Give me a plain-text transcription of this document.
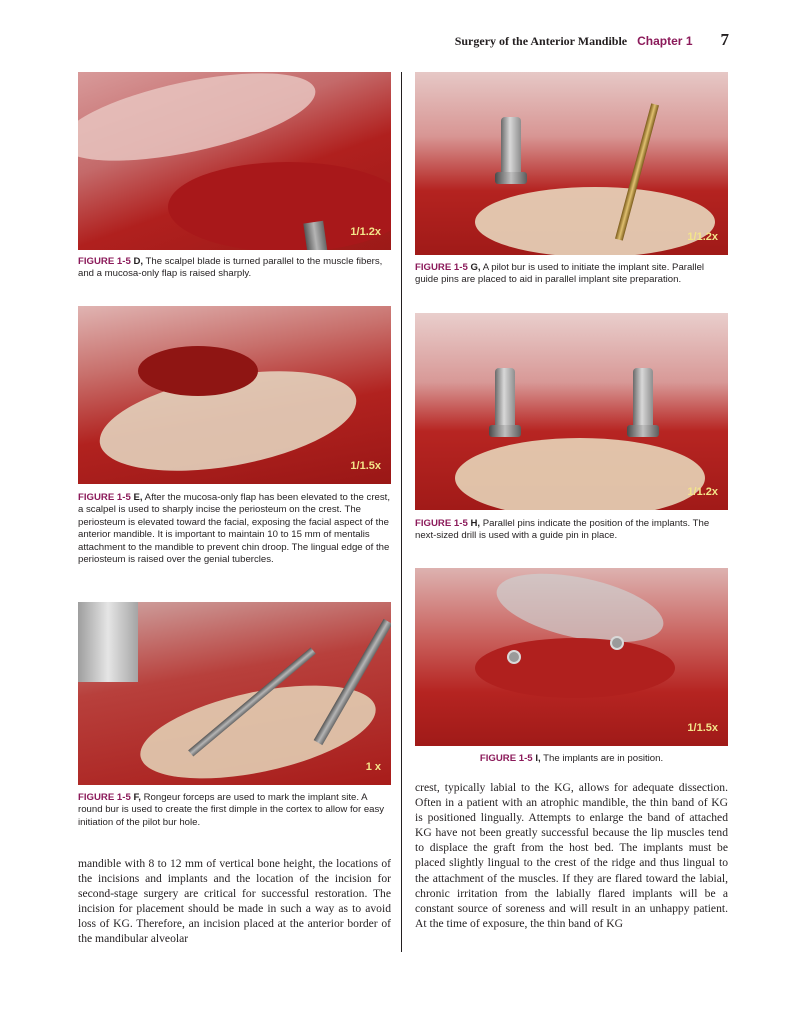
Surgery of the Anterior Mandible Chapter 1 7
1/1.2x
FIGURE 1-5 D, The scalpel blade is turned parallel to the muscle fibers, and a mucosa-only flap is raised sharply.
1/1.5x
FIGURE 1-5 E, After the mucosa-only flap has been elevated to the crest, a scalpel is used to sharply incise the periosteum on the crest. The periosteum is elevated toward the facial, exposing the facial aspect of the anterior mandible. It is important to maintain 10 to 15 mm of mentalis attachment to the mandible to prevent chin droop. The lingual edge of the periosteum is raised over the genial tubercles.
1 x
FIGURE 1-5 F, Rongeur forceps are used to mark the implant site. A round bur is used to create the first dimple in the cortex to allow for easy initiation of the pilot bur hole.
1/1.2x
FIGURE 1-5 G, A pilot bur is used to initiate the implant site. Parallel guide pins are placed to aid in parallel implant site preparation.
1/1.2x
FIGURE 1-5 H, Parallel pins indicate the position of the implants. The next-sized drill is used with a guide pin in place.
1/1.5x
FIGURE 1-5 I, The implants are in position.

mandible with 8 to 12 mm of vertical bone height, the locations of the incisions and implants and the location of the incision for second-stage surgery are critical for successful restoration. The incision for placement should be made in such a way as to avoid loss of KG. Therefore, an incision placed at the anterior border of the mandibular alveolar

crest, typically labial to the KG, allows for adequate dissection. Often in a patient with an atrophic mandible, the thin band of KG is positioned lingually. Attempts to enlarge the band of attached KG have not been greatly successful because the lip muscles tend to displace the graft from the host bed. The implants must be placed slightly lingual to the crest of the ridge and thus lingual to the attachment of the muscles. If they are flared toward the labial, chronic irritation from the labially flared implants will be a constant source of soreness and will result in an unhappy patient. At the time of exposure, the thin band of KG
